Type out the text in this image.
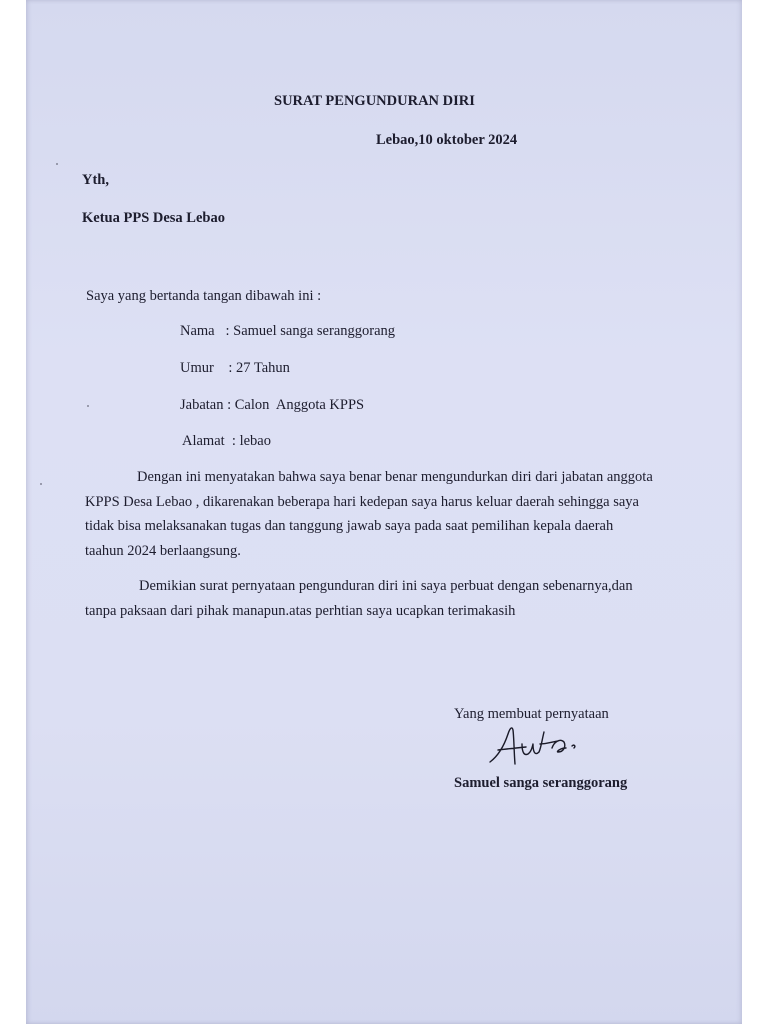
SURAT PENGUNDURAN DIRI
Lebao,10 oktober 2024
Yth,
Ketua PPS Desa Lebao
Saya yang bertanda tangan dibawah ini :
Nama   : Samuel sanga seranggorang
Umur    : 27 Tahun
Jabatan : Calon  Anggota KPPS
Alamat  : lebao
Dengan ini menyatakan bahwa saya benar benar mengundurkan diri dari jabatan anggota
KPPS Desa Lebao , dikarenakan beberapa hari kedepan saya harus keluar daerah sehingga saya
tidak bisa melaksanakan tugas dan tanggung jawab saya pada saat pemilihan kepala daerah
taahun 2024 berlaangsung.
Demikian surat pernyataan pengunduran diri ini saya perbuat dengan sebenarnya,dan
tanpa paksaan dari pihak manapun.atas perhtian saya ucapkan terimakasih
Yang membuat pernyataan
Samuel sanga seranggorang
